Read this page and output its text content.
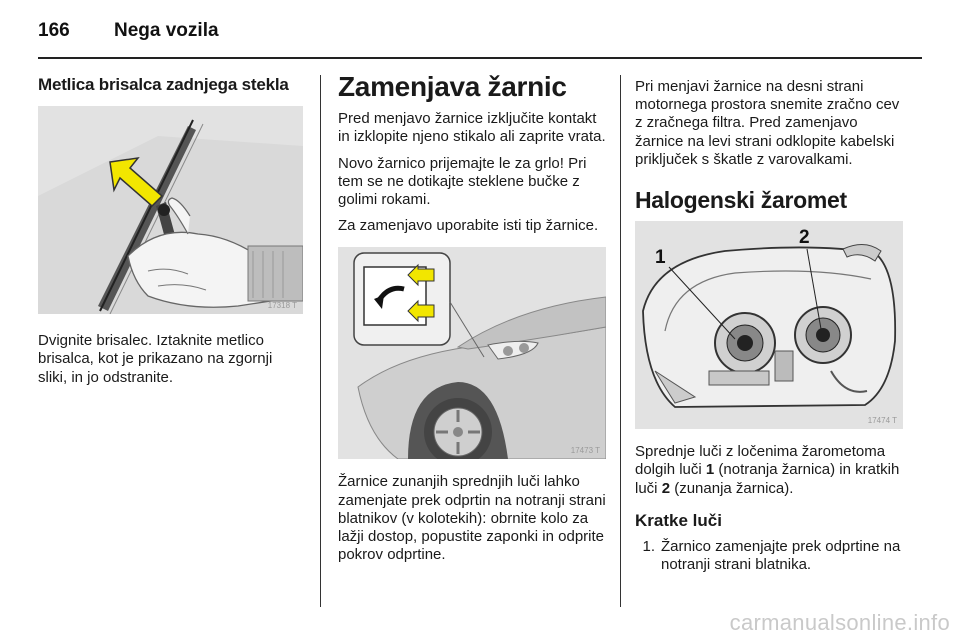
166 Nega vozila

Metlica brisalca zadnjega stekla

17318 T

Dvignite brisalec. Iztaknite metlico brisalca, kot je prikazano na zgornji sliki, in jo odstranite.

Zamenjava žarnic

Pred menjavo žarnice izključite kontakt in izklopite njeno stikalo ali zaprite vrata.

Novo žarnico prijemajte le za grlo! Pri tem se ne dotikajte steklene bučke z golimi rokami.

Za zamenjavo uporabite isti tip žarnice.

17473 T

Žarnice zunanjih sprednjih luči lahko zamenjate prek odprtin na notranji strani blatnikov (v kolotekih): obrnite kolo za lažji dostop, popustite zaponki in odprite pokrov odprtine.

Pri menjavi žarnice na desni strani motornega prostora snemite zračno cev z zračnega filtra. Pred zamenjavo žarnice na levi strani odklopite kabelski priključek s škatle z varovalkami.

Halogenski žaromet

1
2
17474 T

Sprednje luči z ločenima žarometoma dolgih luči 1 (notranja žarnica) in kratkih luči 2 (zunanja žarnica).

Kratke luči

1. Žarnico zamenjajte prek odprtine na notranji strani blatnika.
carmanualsonline.info
